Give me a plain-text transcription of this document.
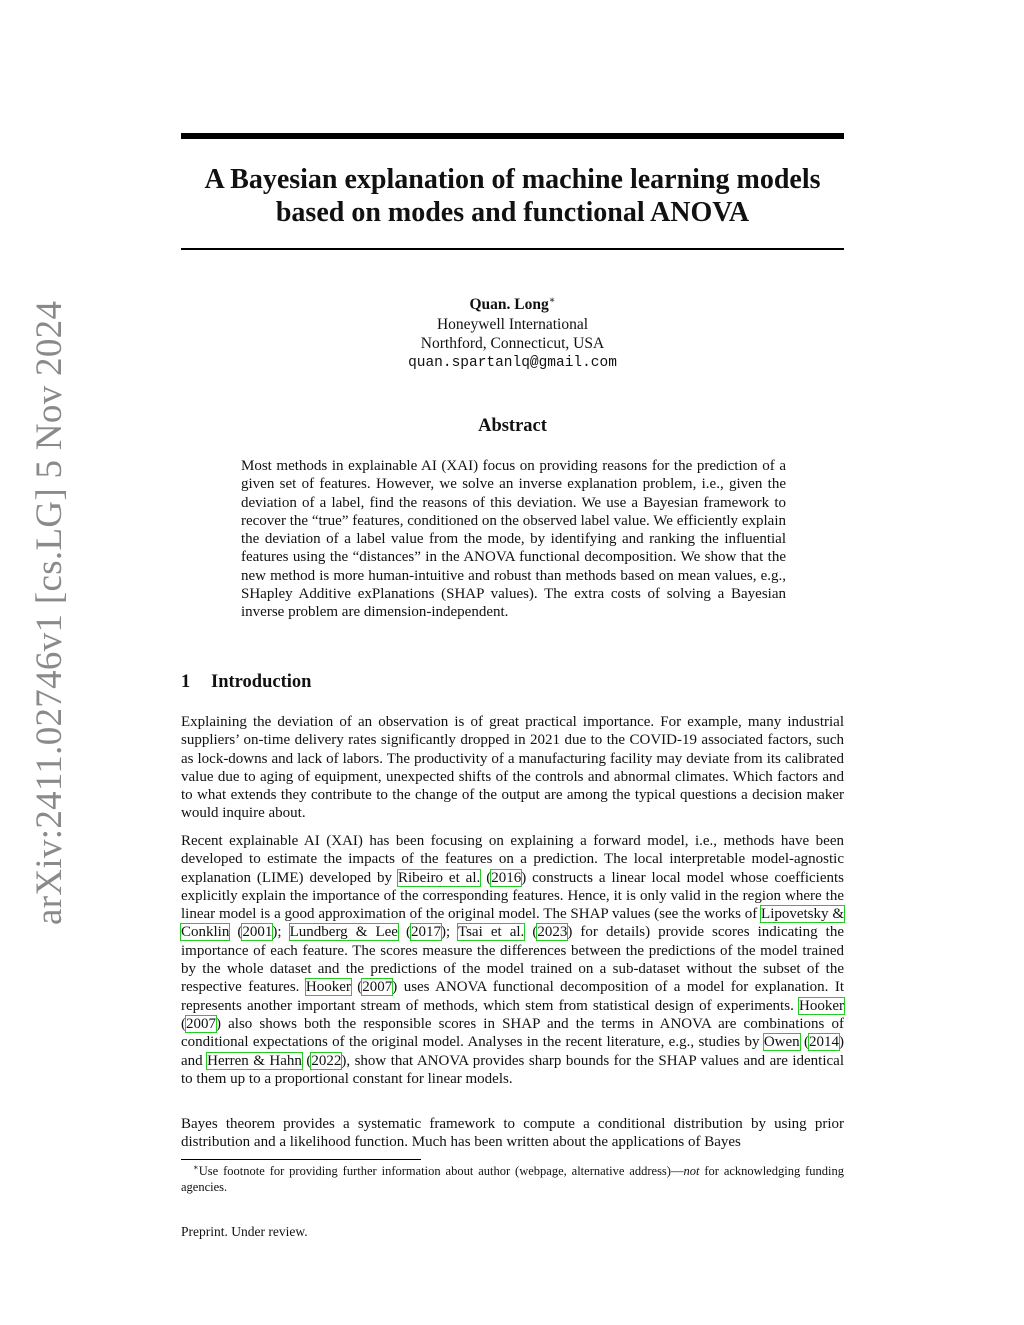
arXiv:2411.02746v1 [cs.LG] 5 Nov 2024
A Bayesian explanation of machine learning models
based on modes and functional ANOVA
Quan. Long∗
Honeywell International
Northford, Connecticut, USA
quan.spartanlq@gmail.com
Abstract

Most methods in explainable AI (XAI) focus on providing reasons for the prediction of a given set of features. However, we solve an inverse explanation problem, i.e., given the deviation of a label, find the reasons of this deviation. We use a Bayesian framework to recover the “true” features, conditioned on the observed label value. We efficiently explain the deviation of a label value from the mode, by identifying and ranking the influential features using the “distances” in the ANOVA functional decomposition. We show that the new method is more human-intuitive and robust than methods based on mean values, e.g., SHapley Additive exPlanations (SHAP values). The extra costs of solving a Bayesian inverse problem are dimension-independent.

1 Introduction

Explaining the deviation of an observation is of great practical importance. For example, many industrial suppliers’ on-time delivery rates significantly dropped in 2021 due to the COVID-19 associated factors, such as lock-downs and lack of labors. The productivity of a manufacturing facility may deviate from its calibrated value due to aging of equipment, unexpected shifts of the controls and abnormal climates. Which factors and to what extends they contribute to the change of the output are among the typical questions a decision maker would inquire about.

Recent explainable AI (XAI) has been focusing on explaining a forward model, i.e., methods have been developed to estimate the impacts of the features on a prediction. The local interpretable model-agnostic explanation (LIME) developed by Ribeiro et al. (2016) constructs a linear local model whose coefficients explicitly explain the importance of the corresponding features. Hence, it is only valid in the region where the linear model is a good approximation of the original model. The SHAP values (see the works of Lipovetsky & Conklin (2001); Lundberg & Lee (2017); Tsai et al. (2023) for details) provide scores indicating the importance of each feature. The scores measure the differences between the predictions of the model trained by the whole dataset and the predictions of the model trained on a sub-dataset without the subset of the respective features. Hooker (2007) uses ANOVA functional decomposition of a model for explanation. It represents another important stream of methods, which stem from statistical design of experiments. Hooker (2007) also shows both the responsible scores in SHAP and the terms in ANOVA are combinations of conditional expectations of the original model. Analyses in the recent literature, e.g., studies by Owen (2014) and Herren & Hahn (2022), show that ANOVA provides sharp bounds for the SHAP values and are identical to them up to a proportional constant for linear models.

Bayes theorem provides a systematic framework to compute a conditional distribution by using prior distribution and a likelihood function. Much has been written about the applications of Bayes

∗Use footnote for providing further information about author (webpage, alternative address)—not for acknowledging funding agencies.

Preprint. Under review.
